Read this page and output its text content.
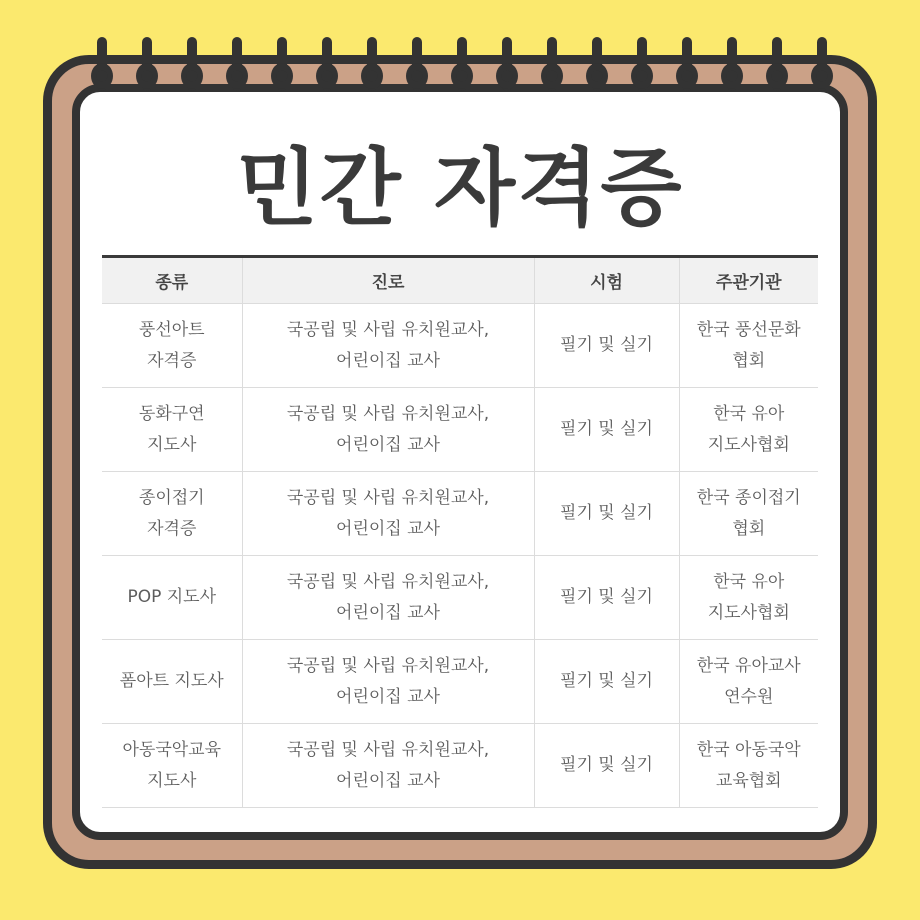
민간 자격증
종류	진로	시험	주관기관
풍선아트 자격증	국공립 및 사립 유치원교사, 어린이집 교사	필기 및 실기	한국 풍선문화 협회
동화구연 지도사	국공립 및 사립 유치원교사, 어린이집 교사	필기 및 실기	한국 유아 지도사협회
종이접기 자격증	국공립 및 사립 유치원교사, 어린이집 교사	필기 및 실기	한국 종이접기 협회
POP 지도사	국공립 및 사립 유치원교사, 어린이집 교사	필기 및 실기	한국 유아 지도사협회
폼아트 지도사	국공립 및 사립 유치원교사, 어린이집 교사	필기 및 실기	한국 유아교사 연수원
아동국악교육 지도사	국공립 및 사립 유치원교사, 어린이집 교사	필기 및 실기	한국 아동국악 교육협회
